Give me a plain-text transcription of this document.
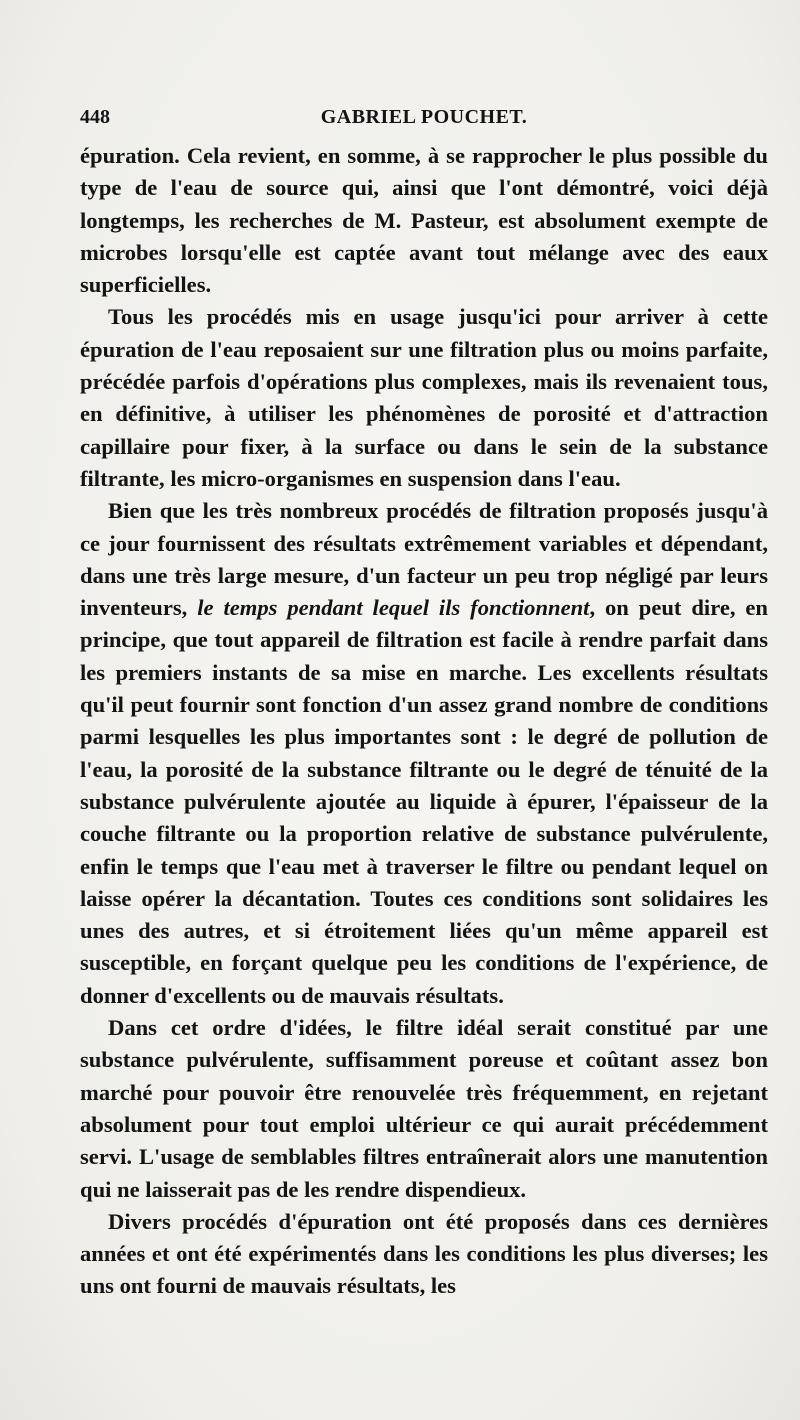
448	GABRIEL POUCHET.

épuration. Cela revient, en somme, à se rapprocher le plus possible du type de l'eau de source qui, ainsi que l'ont démontré, voici déjà longtemps, les recherches de M. Pasteur, est absolument exempte de microbes lorsqu'elle est captée avant tout mélange avec des eaux superficielles.

Tous les procédés mis en usage jusqu'ici pour arriver à cette épuration de l'eau reposaient sur une filtration plus ou moins parfaite, précédée parfois d'opérations plus complexes, mais ils revenaient tous, en définitive, à utiliser les phénomènes de porosité et d'attraction capillaire pour fixer, à la surface ou dans le sein de la substance filtrante, les micro-organismes en suspension dans l'eau.

Bien que les très nombreux procédés de filtration proposés jusqu'à ce jour fournissent des résultats extrêmement variables et dépendant, dans une très large mesure, d'un facteur un peu trop négligé par leurs inventeurs, le temps pendant lequel ils fonctionnent, on peut dire, en principe, que tout appareil de filtration est facile à rendre parfait dans les premiers instants de sa mise en marche. Les excellents résultats qu'il peut fournir sont fonction d'un assez grand nombre de conditions parmi lesquelles les plus importantes sont : le degré de pollution de l'eau, la porosité de la substance filtrante ou le degré de ténuité de la substance pulvérulente ajoutée au liquide à épurer, l'épaisseur de la couche filtrante ou la proportion relative de substance pulvérulente, enfin le temps que l'eau met à traverser le filtre ou pendant lequel on laisse opérer la décantation. Toutes ces conditions sont solidaires les unes des autres, et si étroitement liées qu'un même appareil est susceptible, en forçant quelque peu les conditions de l'expérience, de donner d'excellents ou de mauvais résultats.

Dans cet ordre d'idées, le filtre idéal serait constitué par une substance pulvérulente, suffisamment poreuse et coûtant assez bon marché pour pouvoir être renouvelée très fréquemment, en rejetant absolument pour tout emploi ultérieur ce qui aurait précédemment servi. L'usage de semblables filtres entraînerait alors une manutention qui ne laisserait pas de les rendre dispendieux.

Divers procédés d'épuration ont été proposés dans ces dernières années et ont été expérimentés dans les conditions les plus diverses; les uns ont fourni de mauvais résultats, les
